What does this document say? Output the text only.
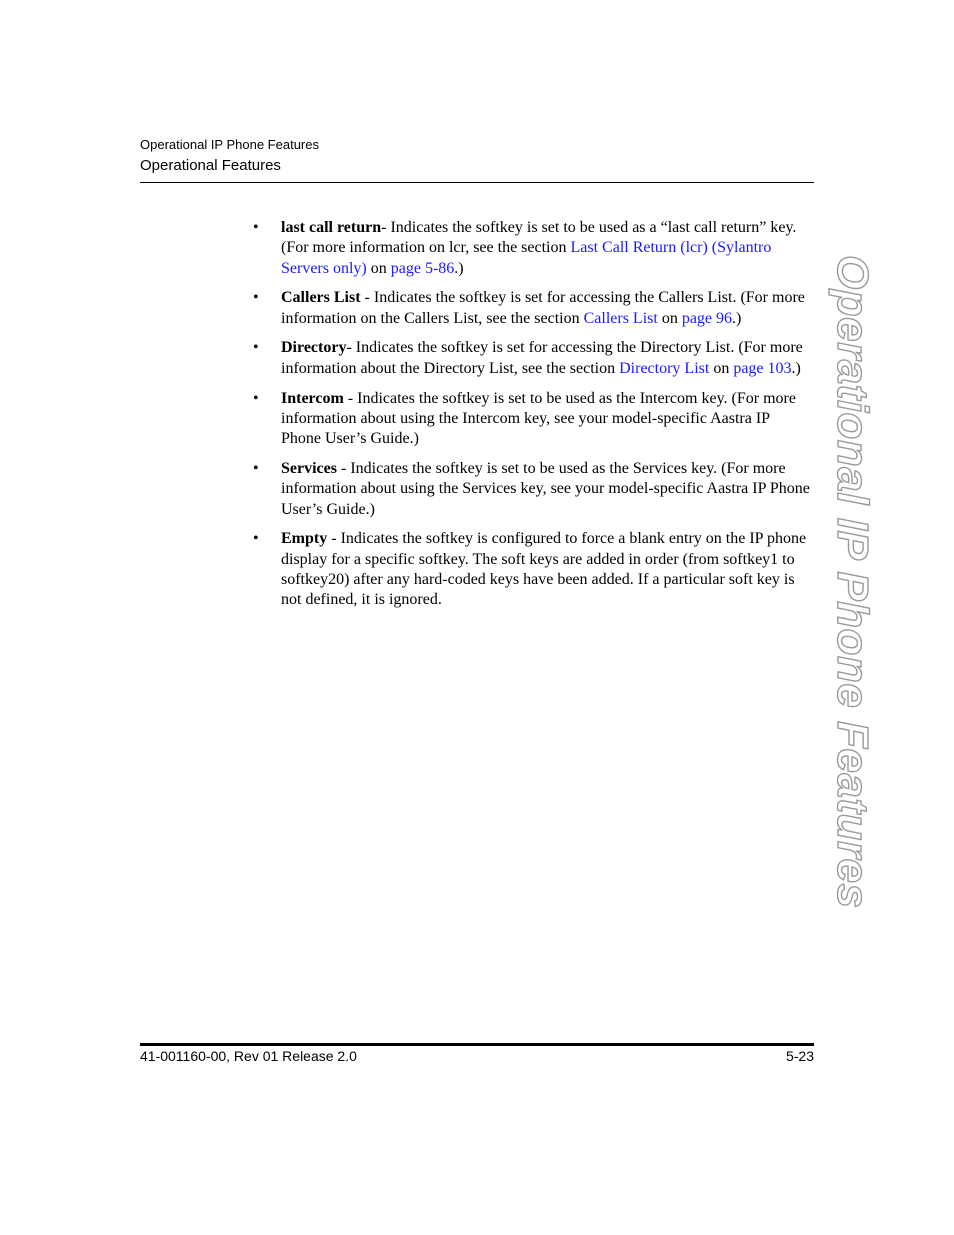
Operational IP Phone Features
Operational Features
• last call return- Indicates the softkey is set to be used as a “last call return” key. (For more information on lcr, see the section Last Call Return (lcr) (Sylantro Servers only) on page 5-86.)
• Callers List - Indicates the softkey is set for accessing the Callers List. (For more information on the Callers List, see the section Callers List on page 96.)
• Directory- Indicates the softkey is set for accessing the Directory List. (For more information about the Directory List, see the section Directory List on page 103.)
• Intercom - Indicates the softkey is set to be used as the Intercom key. (For more information about using the Intercom key, see your model-specific Aastra IP Phone User’s Guide.)
• Services - Indicates the softkey is set to be used as the Services key. (For more information about using the Services key, see your model-specific Aastra IP Phone User’s Guide.)
• Empty - Indicates the softkey is configured to force a blank entry on the IP phone display for a specific softkey. The soft keys are added in order (from softkey1 to softkey20) after any hard-coded keys have been added. If a particular soft key is not defined, it is ignored.	Operational IP Phone Features
41-001160-00, Rev 01 Release 2.0	5-23
